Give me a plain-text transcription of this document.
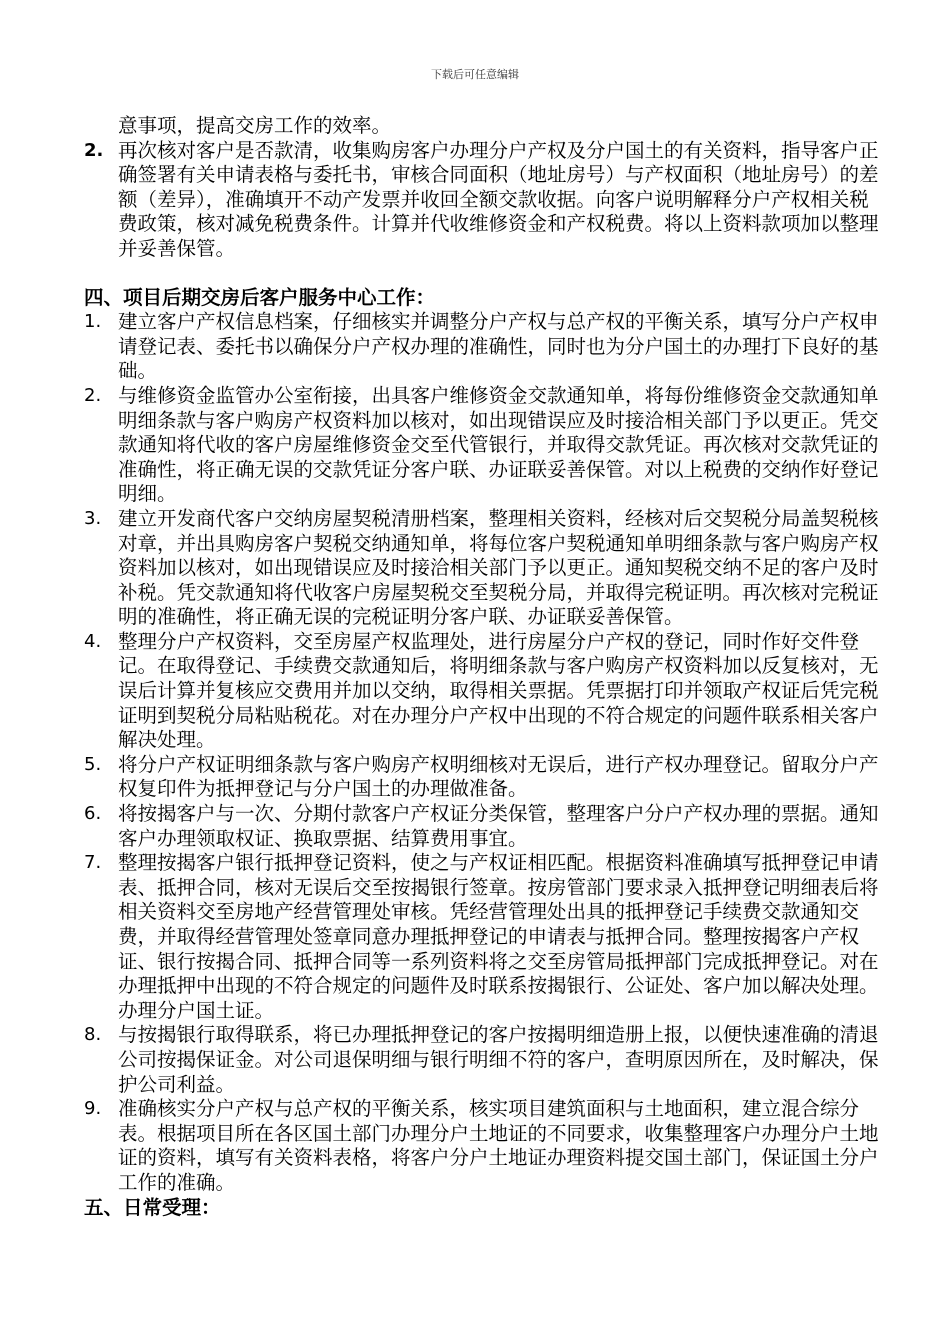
下载后可任意编辑
意事项，提高交房工作的效率。
2. 再次核对客户是否款清，收集购房客户办理分户产权及分户国土的有关资料，指导客户正确签署有关申请表格与委托书，审核合同面积（地址房号）与产权面积（地址房号）的差额（差异），准确填开不动产发票并收回全额交款收据。向客户说明解释分户产权相关税费政策，核对减免税费条件。计算并代收维修资金和产权税费。将以上资料款项加以整理并妥善保管。
四、项目后期交房后客户服务中心工作：
1. 建立客户产权信息档案，仔细核实并调整分户产权与总产权的平衡关系，填写分户产权申请登记表、委托书以确保分户产权办理的准确性，同时也为分户国土的办理打下良好的基础。
2. 与维修资金监管办公室衔接，出具客户维修资金交款通知单，将每份维修资金交款通知单明细条款与客户购房产权资料加以核对，如出现错误应及时接洽相关部门予以更正。凭交款通知将代收的客户房屋维修资金交至代管银行，并取得交款凭证。再次核对交款凭证的准确性，将正确无误的交款凭证分客户联、办证联妥善保管。对以上税费的交纳作好登记明细。
3. 建立开发商代客户交纳房屋契税清册档案，整理相关资料，经核对后交契税分局盖契税核对章，并出具购房客户契税交纳通知单，将每位客户契税通知单明细条款与客户购房产权资料加以核对，如出现错误应及时接洽相关部门予以更正。通知契税交纳不足的客户及时补税。凭交款通知将代收客户房屋契税交至契税分局，并取得完税证明。再次核对完税证明的准确性，将正确无误的完税证明分客户联、办证联妥善保管。
4. 整理分户产权资料，交至房屋产权监理处，进行房屋分户产权的登记，同时作好交件登记。在取得登记、手续费交款通知后，将明细条款与客户购房产权资料加以反复核对，无误后计算并复核应交费用并加以交纳，取得相关票据。凭票据打印并领取产权证后凭完税证明到契税分局粘贴税花。对在办理分户产权中出现的不符合规定的问题件联系相关客户解决处理。
5. 将分户产权证明细条款与客户购房产权明细核对无误后，进行产权办理登记。留取分户产权复印件为抵押登记与分户国土的办理做准备。
6. 将按揭客户与一次、分期付款客户产权证分类保管，整理客户分户产权办理的票据。通知客户办理领取权证、换取票据、结算费用事宜。
7. 整理按揭客户银行抵押登记资料，使之与产权证相匹配。根据资料准确填写抵押登记申请表、抵押合同，核对无误后交至按揭银行签章。按房管部门要求录入抵押登记明细表后将相关资料交至房地产经营管理处审核。凭经营管理处出具的抵押登记手续费交款通知交费，并取得经营管理处签章同意办理抵押登记的申请表与抵押合同。整理按揭客户产权证、银行按揭合同、抵押合同等一系列资料将之交至房管局抵押部门完成抵押登记。对在办理抵押中出现的不符合规定的问题件及时联系按揭银行、公证处、客户加以解决处理。办理分户国土证。
8. 与按揭银行取得联系，将已办理抵押登记的客户按揭明细造册上报，以便快速准确的清退公司按揭保证金。对公司退保明细与银行明细不符的客户，查明原因所在，及时解决，保护公司利益。
9. 准确核实分户产权与总产权的平衡关系，核实项目建筑面积与土地面积，建立混合综分表。根据项目所在各区国土部门办理分户土地证的不同要求，收集整理客户办理分户土地证的资料，填写有关资料表格，将客户分户土地证办理资料提交国土部门，保证国土分户工作的准确。
五、日常受理：
